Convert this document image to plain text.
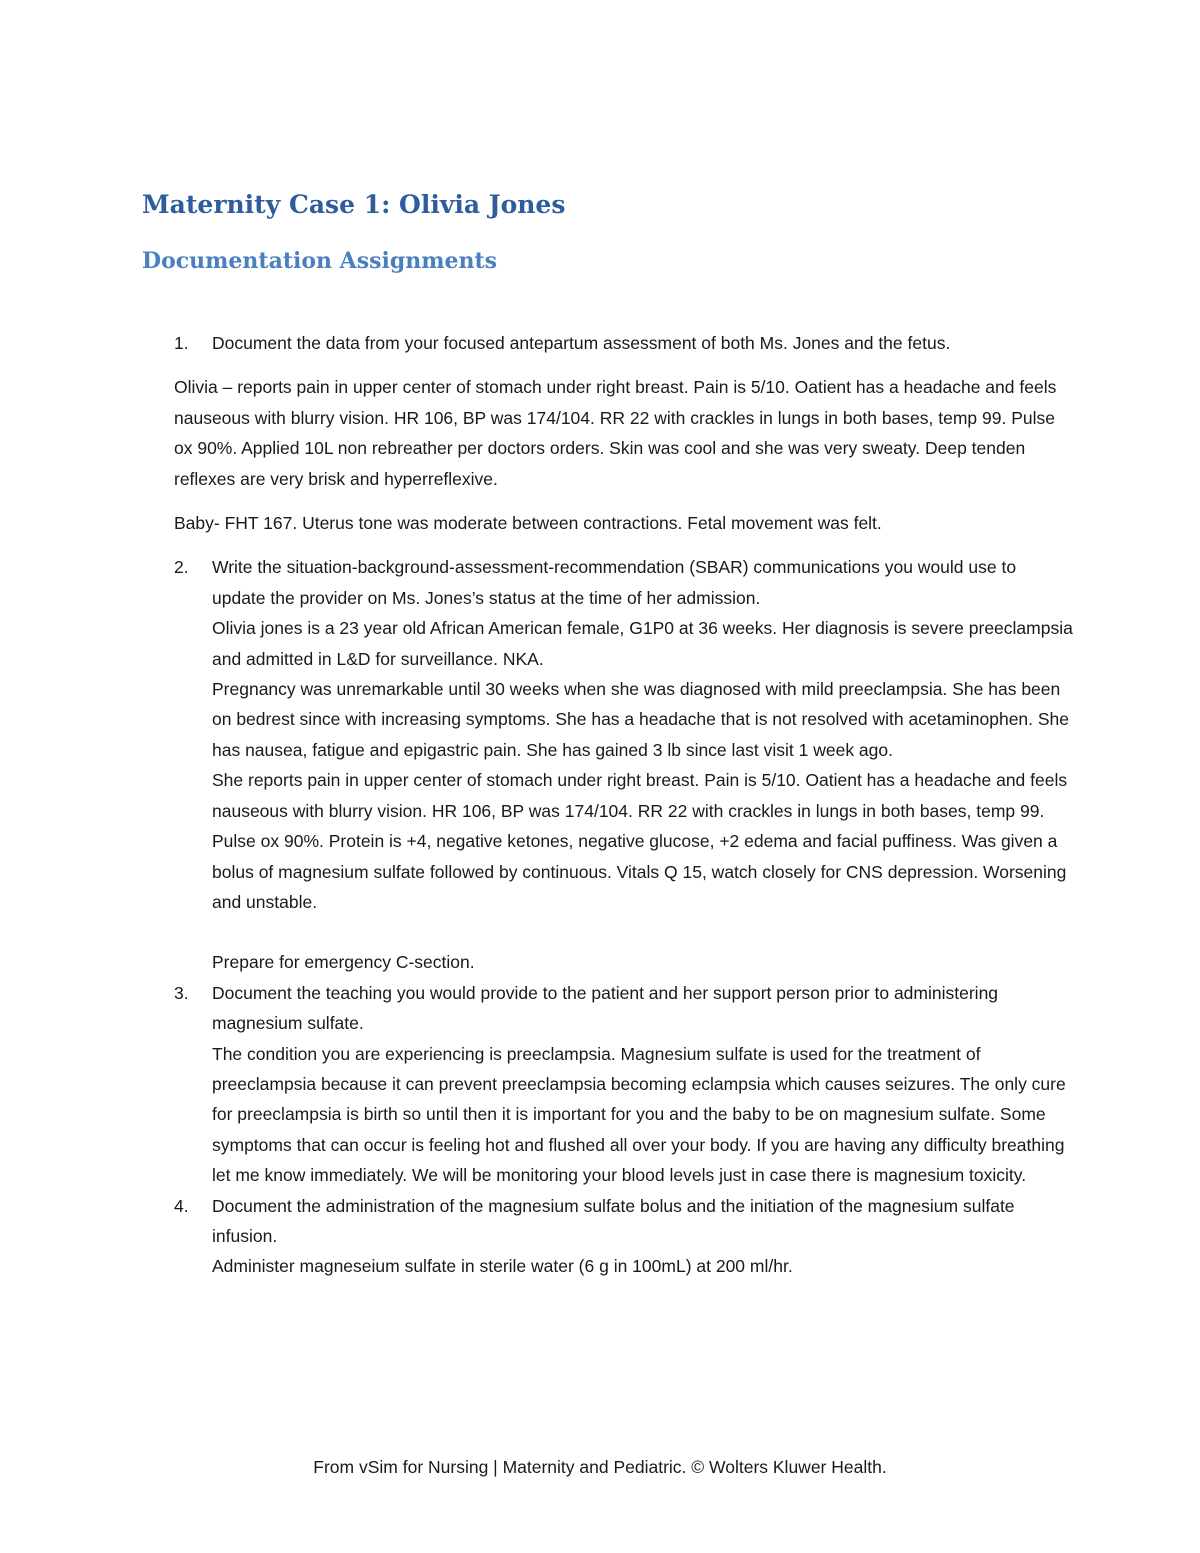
Maternity Case 1: Olivia Jones
Documentation Assignments
1. Document the data from your focused antepartum assessment of both Ms. Jones and the fetus.

Olivia – reports pain in upper center of stomach under right breast. Pain is 5/10. Oatient has a headache and feels nauseous with blurry vision. HR 106, BP was 174/104. RR 22 with crackles in lungs in both bases, temp 99. Pulse ox 90%. Applied 10L non rebreather per doctors orders. Skin was cool and she was very sweaty. Deep tenden reflexes are very brisk and hyperreflexive.

Baby- FHT 167. Uterus tone was moderate between contractions. Fetal movement was felt.

2. Write the situation-background-assessment-recommendation (SBAR) communications you would use to update the provider on Ms. Jones’s status at the time of her admission.
Olivia jones is a 23 year old African American female, G1P0 at 36 weeks. Her diagnosis is severe preeclampsia and admitted in L&D for surveillance. NKA.
Pregnancy was unremarkable until 30 weeks when she was diagnosed with mild preeclampsia. She has been on bedrest since with increasing symptoms. She has a headache that is not resolved with acetaminophen. She has nausea, fatigue and epigastric pain. She has gained 3 lb since last visit 1 week ago.
She reports pain in upper center of stomach under right breast. Pain is 5/10. Oatient has a headache and feels nauseous with blurry vision. HR 106, BP was 174/104. RR 22 with crackles in lungs in both bases, temp 99. Pulse ox 90%. Protein is +4, negative ketones, negative glucose, +2 edema and facial puffiness. Was given a bolus of magnesium sulfate followed by continuous. Vitals Q 15, watch closely for CNS depression. Worsening and unstable.
Prepare for emergency C-section.
3. Document the teaching you would provide to the patient and her support person prior to administering magnesium sulfate.
The condition you are experiencing is preeclampsia. Magnesium sulfate is used for the treatment of preeclampsia because it can prevent preeclampsia becoming eclampsia which causes seizures. The only cure for preeclampsia is birth so until then it is important for you and the baby to be on magnesium sulfate. Some symptoms that can occur is feeling hot and flushed all over your body. If you are having any difficulty breathing let me know immediately. We will be monitoring your blood levels just in case there is magnesium toxicity.
4. Document the administration of the magnesium sulfate bolus and the initiation of the magnesium sulfate infusion.
Administer magneseium sulfate in sterile water (6 g in 100mL) at 200 ml/hr.
From vSim for Nursing | Maternity and Pediatric. © Wolters Kluwer Health.
